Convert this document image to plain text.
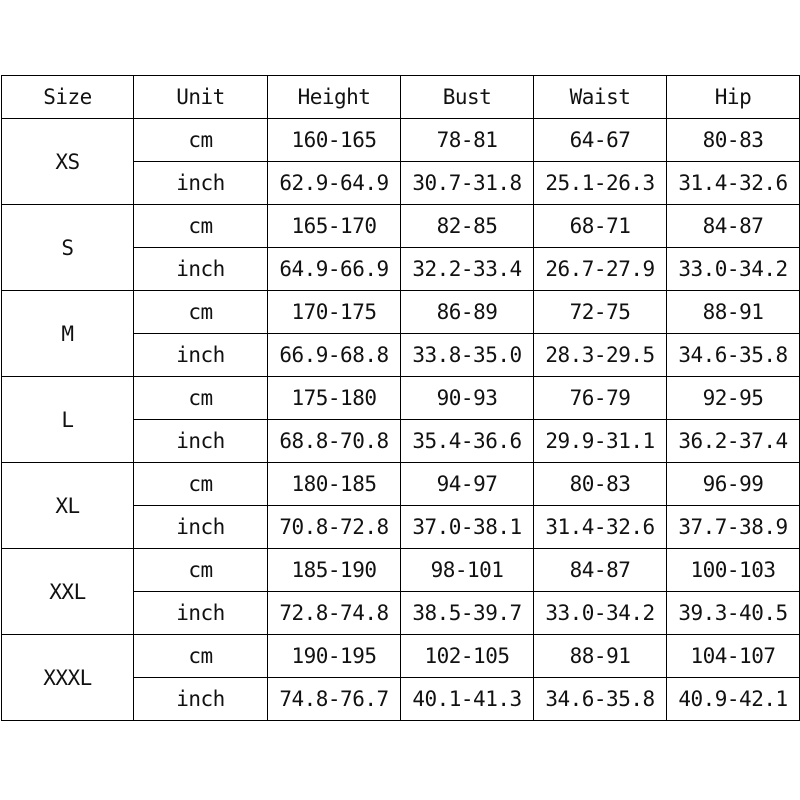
Size	Unit	Height	Bust	Waist	Hip
XS	cm	160-165	78-81	64-67	80-83
	inch	62.9-64.9	30.7-31.8	25.1-26.3	31.4-32.6
S	cm	165-170	82-85	68-71	84-87
	inch	64.9-66.9	32.2-33.4	26.7-27.9	33.0-34.2
M	cm	170-175	86-89	72-75	88-91
	inch	66.9-68.8	33.8-35.0	28.3-29.5	34.6-35.8
L	cm	175-180	90-93	76-79	92-95
	inch	68.8-70.8	35.4-36.6	29.9-31.1	36.2-37.4
XL	cm	180-185	94-97	80-83	96-99
	inch	70.8-72.8	37.0-38.1	31.4-32.6	37.7-38.9
XXL	cm	185-190	98-101	84-87	100-103
	inch	72.8-74.8	38.5-39.7	33.0-34.2	39.3-40.5
XXXL	cm	190-195	102-105	88-91	104-107
	inch	74.8-76.7	40.1-41.3	34.6-35.8	40.9-42.1
